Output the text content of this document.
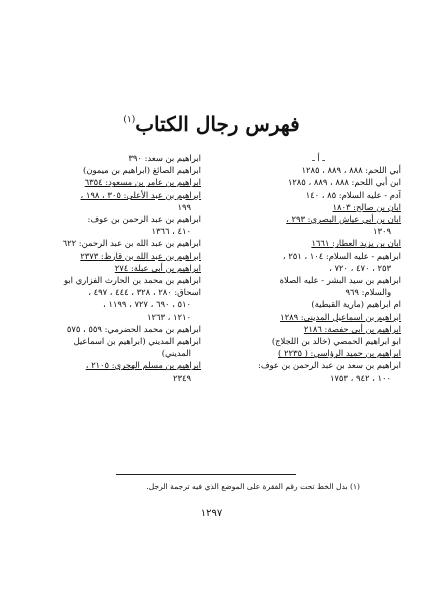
فهرس رجال الكتاب$^{(١)}$
ـ أ ـ
أبي اللحم: ٨٨٨ ، ٨٨٩ ، ١٢٨٥
ابن أبي اللحم: ٨٨٨ ، ٨٨٩ ، ١٢٨٥
آدم - عليه السلام: ٨٥ ، ١٤٠
ابان بن صالح: ١٨٠٣
ابان بن أبي عياش البصري: ٢٩٣ ،
١٣٠٩
ابان بن يزيد العطار: ١٦٦١
ابراهيم - عليه السلام: ١٠٤ ، ٢٥١ ،
٢٥٣ ، ٤٧٠ ، ٧٢٠ ،
ابراهيم بن سيد البشر - عليه الصلاة
والسلام: ٩٦٩
ام ابراهيم (مارية القبطية)
ابراهيم بن اسماعيل المديني: ١٢٨٩
ابراهيم بن أبي حفصة: ٢١٨٦
ابو ابراهيم الحمصي (خالد بن اللجلاج)
ابراهيم بن حميد الرؤاسي: ( ٢٢٣٥ )
ابراهيم بن سعد بن عبد الرحمن بن عوف:
١٠٠ ، ٩٤٢ ، ١٧٥٣
ابراهيم بن سعد: ٣٩٠
ابراهيم الصائغ (ابراهيم بن ميمون)
ابراهيم بن عامر بن مسعود: ٦٣٥٤
ابراهيم بن عبد الأعلى: ٣٠٥ ، ١٩٨ ،
١٩٩
ابراهيم بن عبد الرحمن بن عوف:
٤١٠ ، ١٣٦٦
ابراهيم بن عبد الله بن عبد الرحمن: ٦٢٢
ابراهيم بن عبد الله بن قارظ: ٢٣٧٣
ابراهيم بن أبي عبلة: ٢٧٤
ابراهيم بن محمد بن الحارث الفزاري ابو
اسحاق: ٢٨٠ ، ٣٢٨ ، ٤٤٤ ، ٤٩٧ ،
٥١٠ ، ٦٩٠ ، ٧٢٧ ، ١١٩٩ ،
١٢١٠ ، ١٢٦٣
ابراهيم بن محمد الحضرمي: ٥٥٩ ، ٥٧٥
ابراهيم المديني (ابراهيم بن اسماعيل
المديني)
ابراهيم بن مسلم الهجري: ٢١٠٥ ،
٢٣٤٩
(١) بدل الخط تحت رقم الفقرة على الموضع الذي فيه ترجمة الرجل.
١٢٩٧
